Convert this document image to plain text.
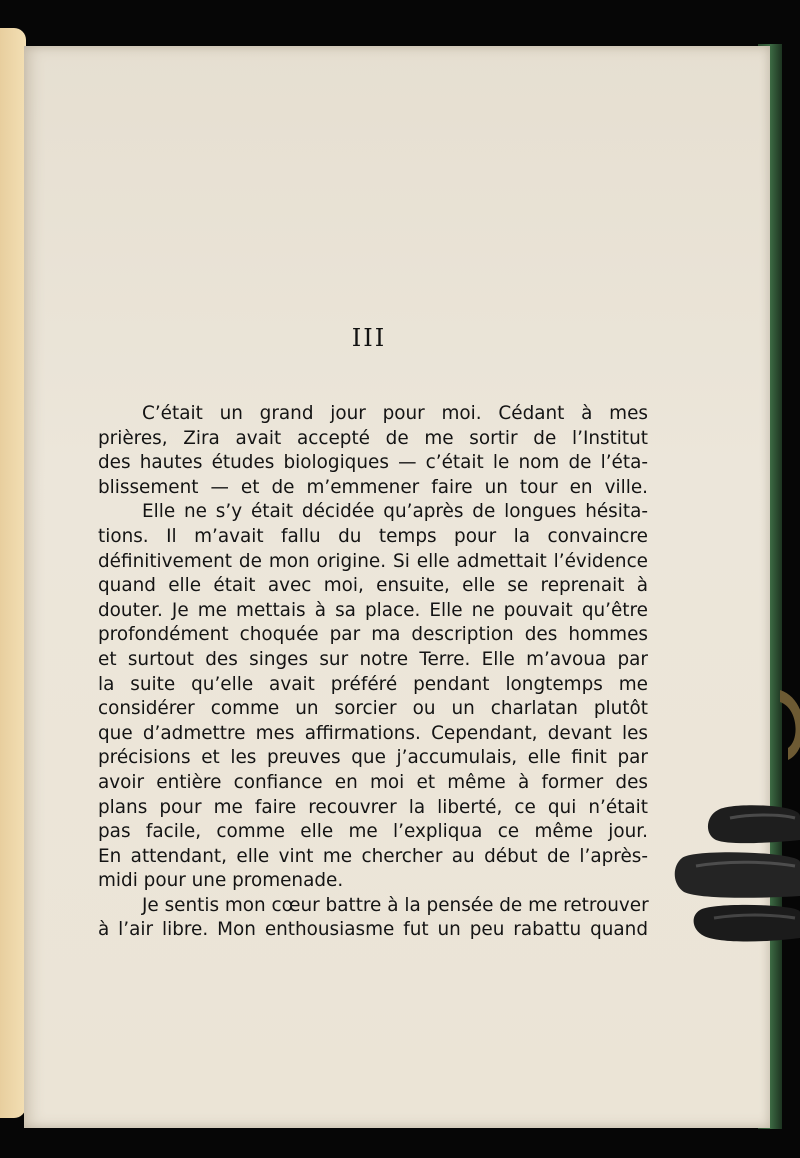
III
C’était un grand jour pour moi. Cédant à mes
prières, Zira avait accepté de me sortir de l’Institut
des hautes études biologiques — c’était le nom de l’éta-
blissement — et de m’emmener faire un tour en ville.
Elle ne s’y était décidée qu’après de longues hésita-
tions. Il m’avait fallu du temps pour la convaincre
définitivement de mon origine. Si elle admettait l’évidence
quand elle était avec moi, ensuite, elle se reprenait à
douter. Je me mettais à sa place. Elle ne pouvait qu’être
profondément choquée par ma description des hommes
et surtout des singes sur notre Terre. Elle m’avoua par
la suite qu’elle avait préféré pendant longtemps me
considérer comme un sorcier ou un charlatan plutôt
que d’admettre mes affirmations. Cependant, devant les
précisions et les preuves que j’accumulais, elle finit par
avoir entière confiance en moi et même à former des
plans pour me faire recouvrer la liberté, ce qui n’était
pas facile, comme elle me l’expliqua ce même jour.
En attendant, elle vint me chercher au début de l’après-
midi pour une promenade.
Je sentis mon cœur battre à la pensée de me retrouver
à l’air libre. Mon enthousiasme fut un peu rabattu quand
